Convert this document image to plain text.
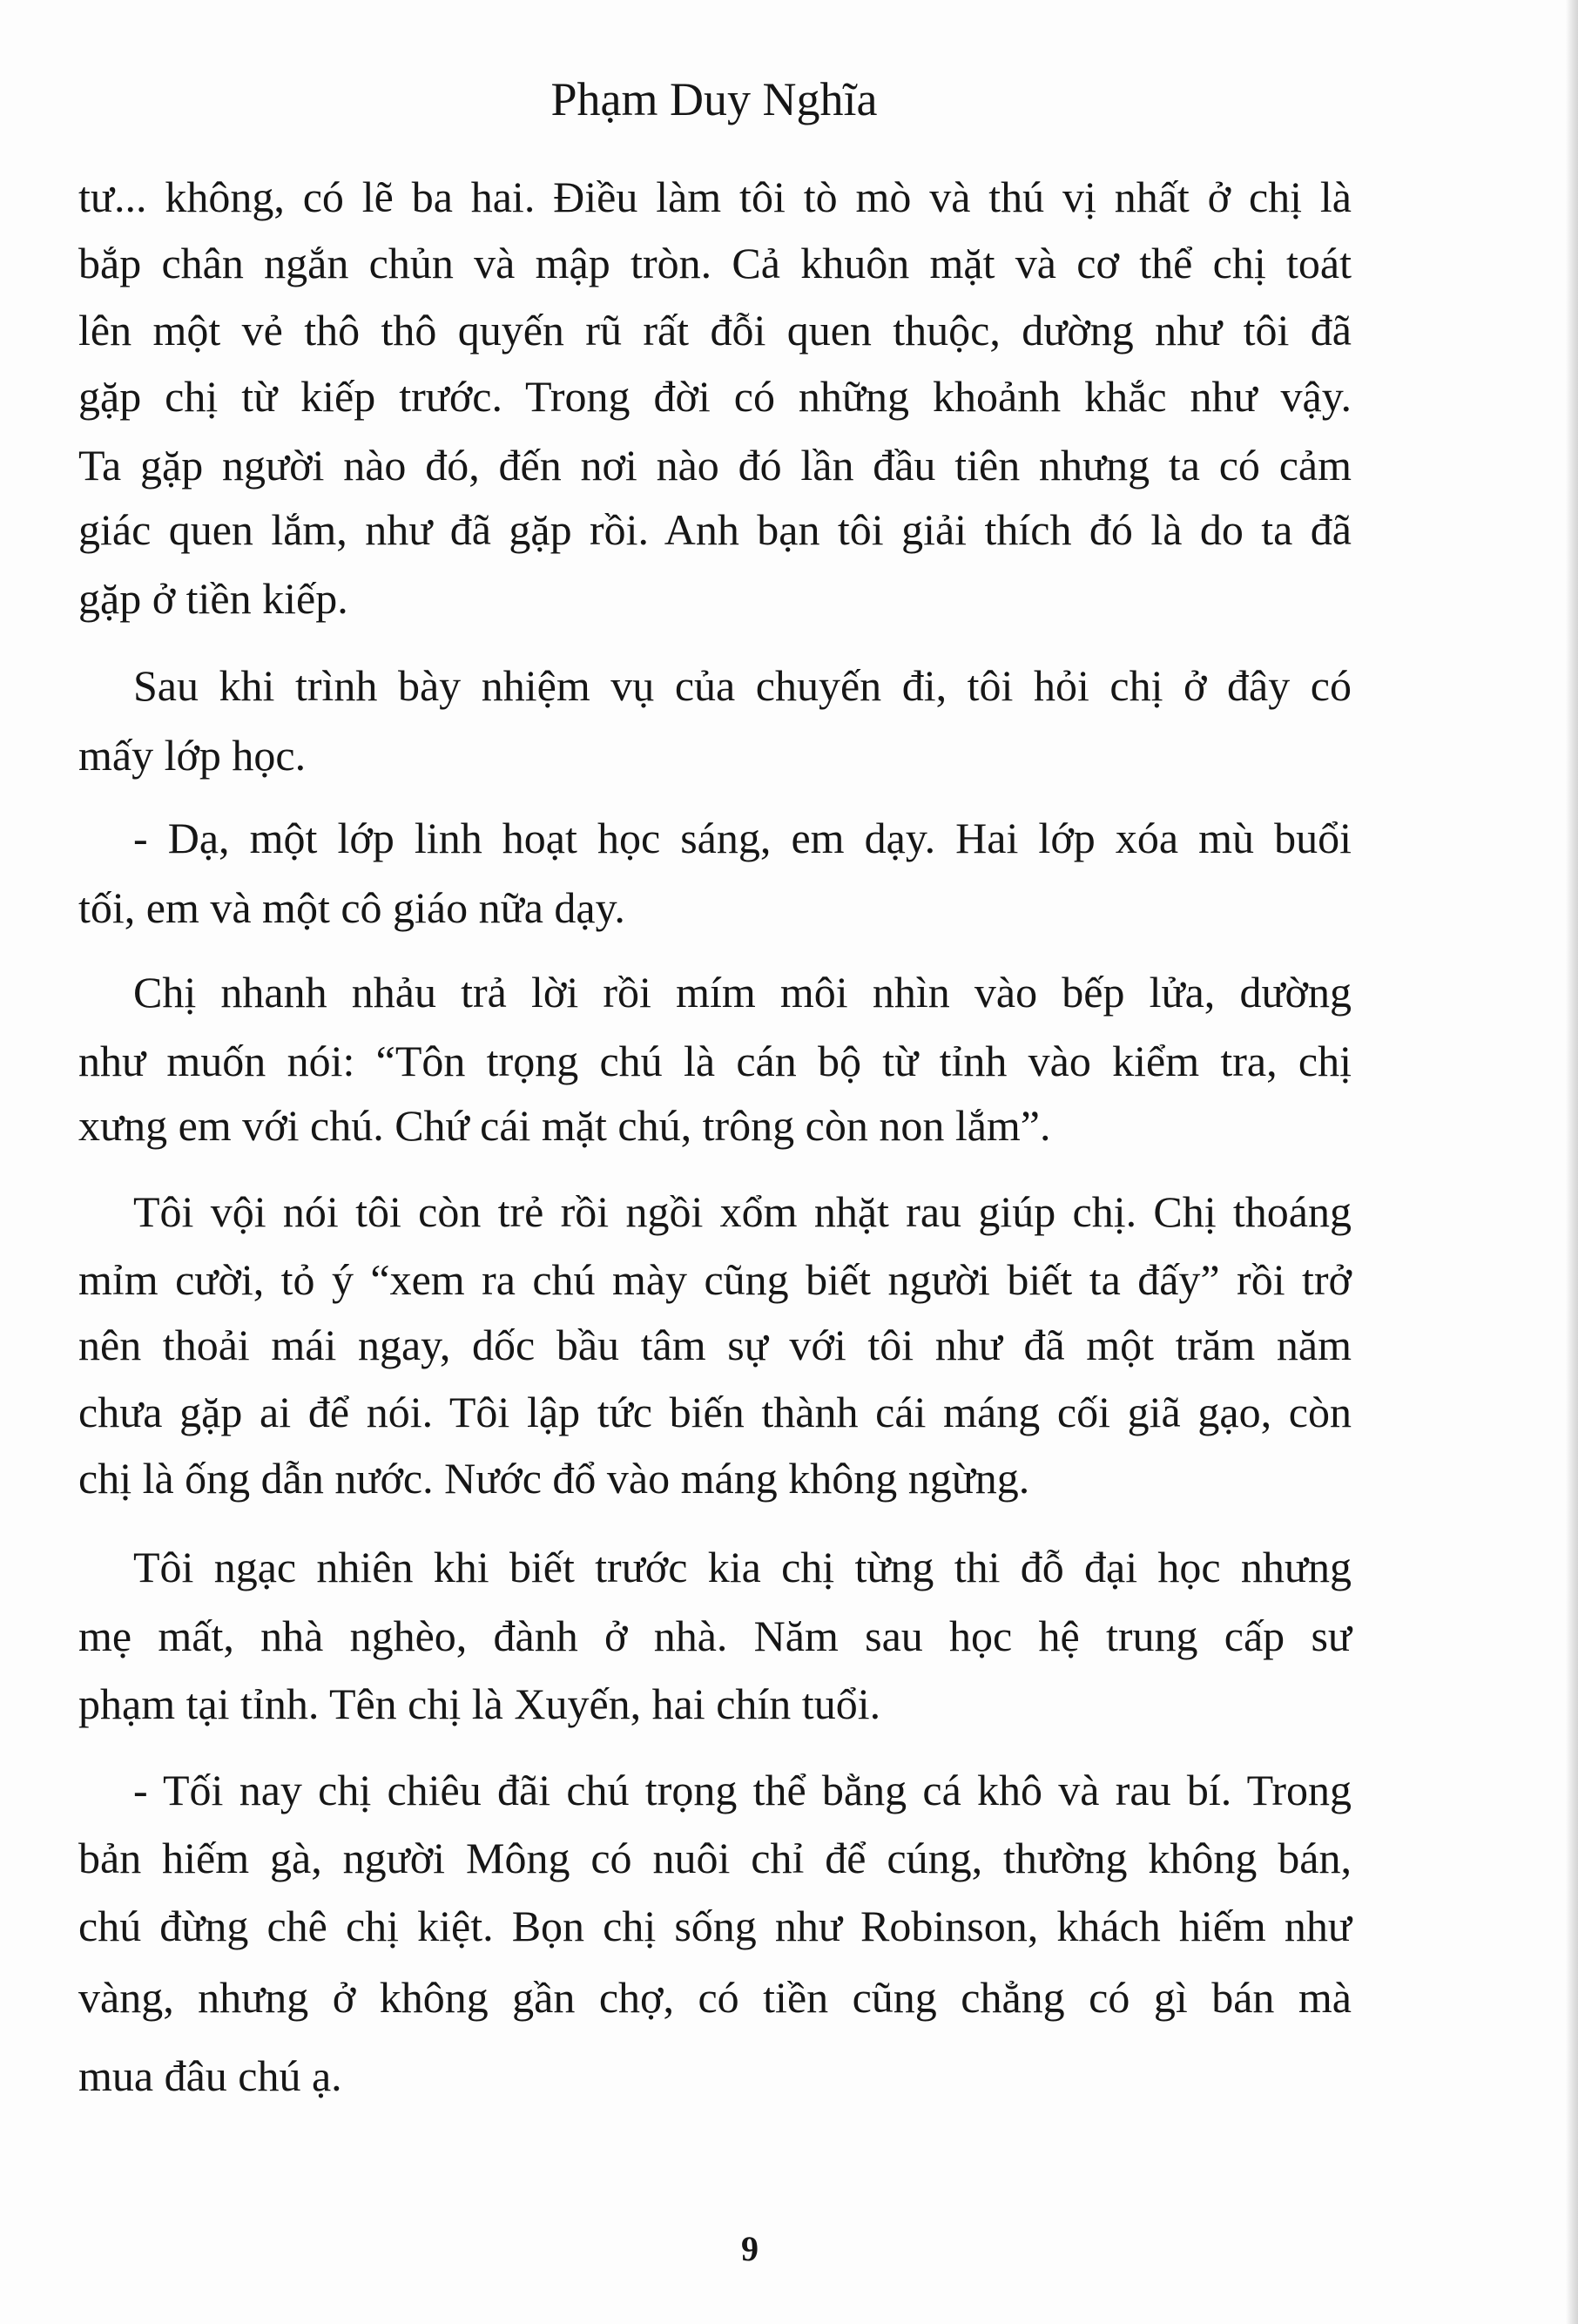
Phạm Duy Nghĩa
tư... không, có lẽ ba hai. Điều làm tôi tò mò và thú vị nhất ở chị là
bắp chân ngắn chủn và mập tròn. Cả khuôn mặt và cơ thể chị toát
lên một vẻ thô thô quyến rũ rất đỗi quen thuộc, dường như tôi đã
gặp chị từ kiếp trước. Trong đời có những khoảnh khắc như vậy.
Ta gặp người nào đó, đến nơi nào đó lần đầu tiên nhưng ta có cảm
giác quen lắm, như đã gặp rồi. Anh bạn tôi giải thích đó là do ta đã
gặp ở tiền kiếp.
Sau khi trình bày nhiệm vụ của chuyến đi, tôi hỏi chị ở đây có
mấy lớp học.
- Dạ, một lớp linh hoạt học sáng, em dạy. Hai lớp xóa mù buổi
tối, em và một cô giáo nữa dạy.
Chị nhanh nhảu trả lời rồi mím môi nhìn vào bếp lửa, dường
như muốn nói: “Tôn trọng chú là cán bộ từ tỉnh vào kiểm tra, chị
xưng em với chú. Chứ cái mặt chú, trông còn non lắm”.
Tôi vội nói tôi còn trẻ rồi ngồi xổm nhặt rau giúp chị. Chị thoáng
mỉm cười, tỏ ý “xem ra chú mày cũng biết người biết ta đấy” rồi trở
nên thoải mái ngay, dốc bầu tâm sự với tôi như đã một trăm năm
chưa gặp ai để nói. Tôi lập tức biến thành cái máng cối giã gạo, còn
chị là ống dẫn nước. Nước đổ vào máng không ngừng.
Tôi ngạc nhiên khi biết trước kia chị từng thi đỗ đại học nhưng
mẹ mất, nhà nghèo, đành ở nhà. Năm sau học hệ trung cấp sư
phạm tại tỉnh. Tên chị là Xuyến, hai chín tuổi.
- Tối nay chị chiêu đãi chú trọng thể bằng cá khô và rau bí. Trong
bản hiếm gà, người Mông có nuôi chỉ để cúng, thường không bán,
chú đừng chê chị kiệt. Bọn chị sống như Robinson, khách hiếm như
vàng, nhưng ở không gần chợ, có tiền cũng chẳng có gì bán mà
mua đâu chú ạ.
9
